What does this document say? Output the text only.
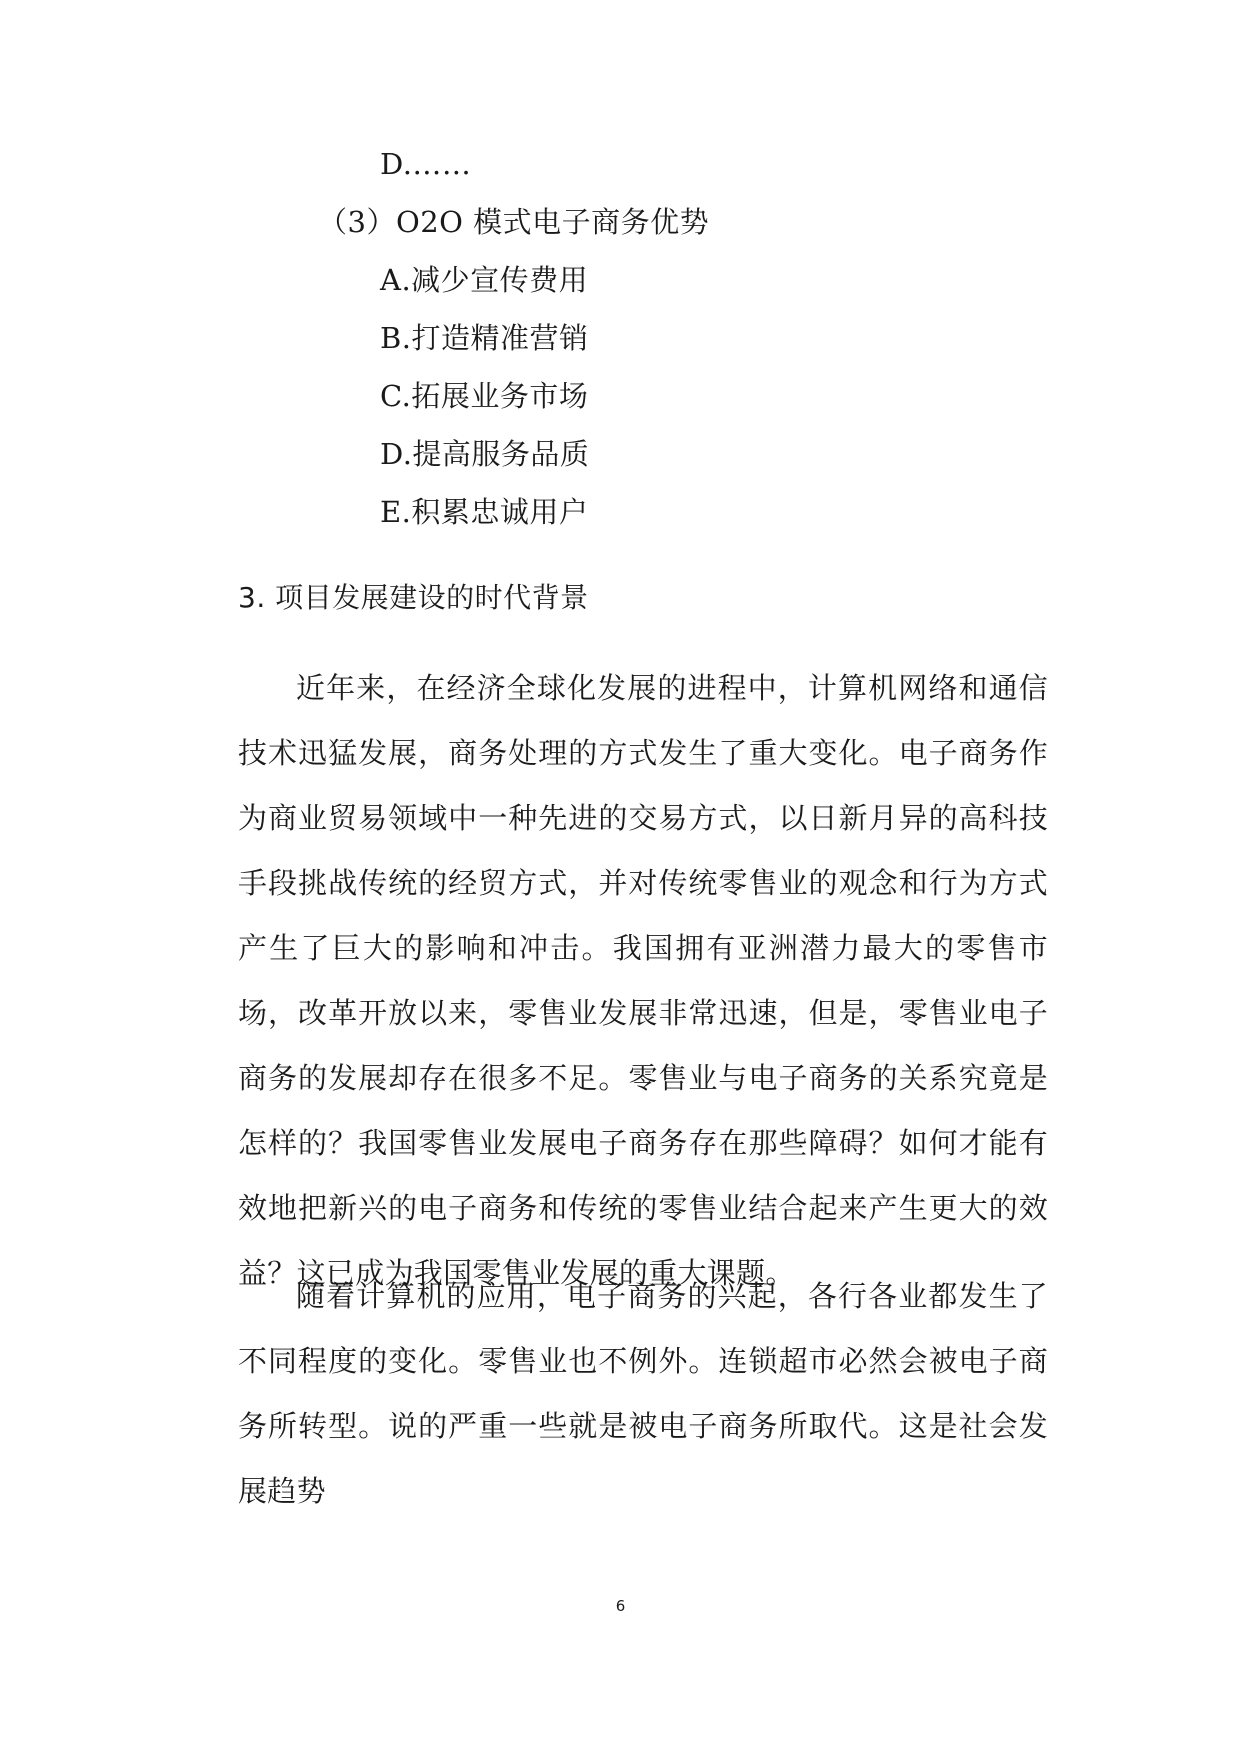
D.……
（3）O2O 模式电子商务优势
A.减少宣传费用
B.打造精准营销
C.拓展业务市场
D.提高服务品质
E.积累忠诚用户
3. 项目发展建设的时代背景

近年来，在经济全球化发展的进程中，计算机网络和通信技术迅猛发展，商务处理的方式发生了重大变化。电子商务作为商业贸易领域中一种先进的交易方式，以日新月异的高科技手段挑战传统的经贸方式，并对传统零售业的观念和行为方式产生了巨大的影响和冲击。我国拥有亚洲潜力最大的零售市场，改革开放以来，零售业发展非常迅速，但是，零售业电子商务的发展却存在很多不足。零售业与电子商务的关系究竟是怎样的？我国零售业发展电子商务存在那些障碍？如何才能有效地把新兴的电子商务和传统的零售业结合起来产生更大的效益？这已成为我国零售业发展的重大课题。

随着计算机的应用，电子商务的兴起，各行各业都发生了不同程度的变化。零售业也不例外。连锁超市必然会被电子商务所转型。说的严重一些就是被电子商务所取代。这是社会发展趋势

6
